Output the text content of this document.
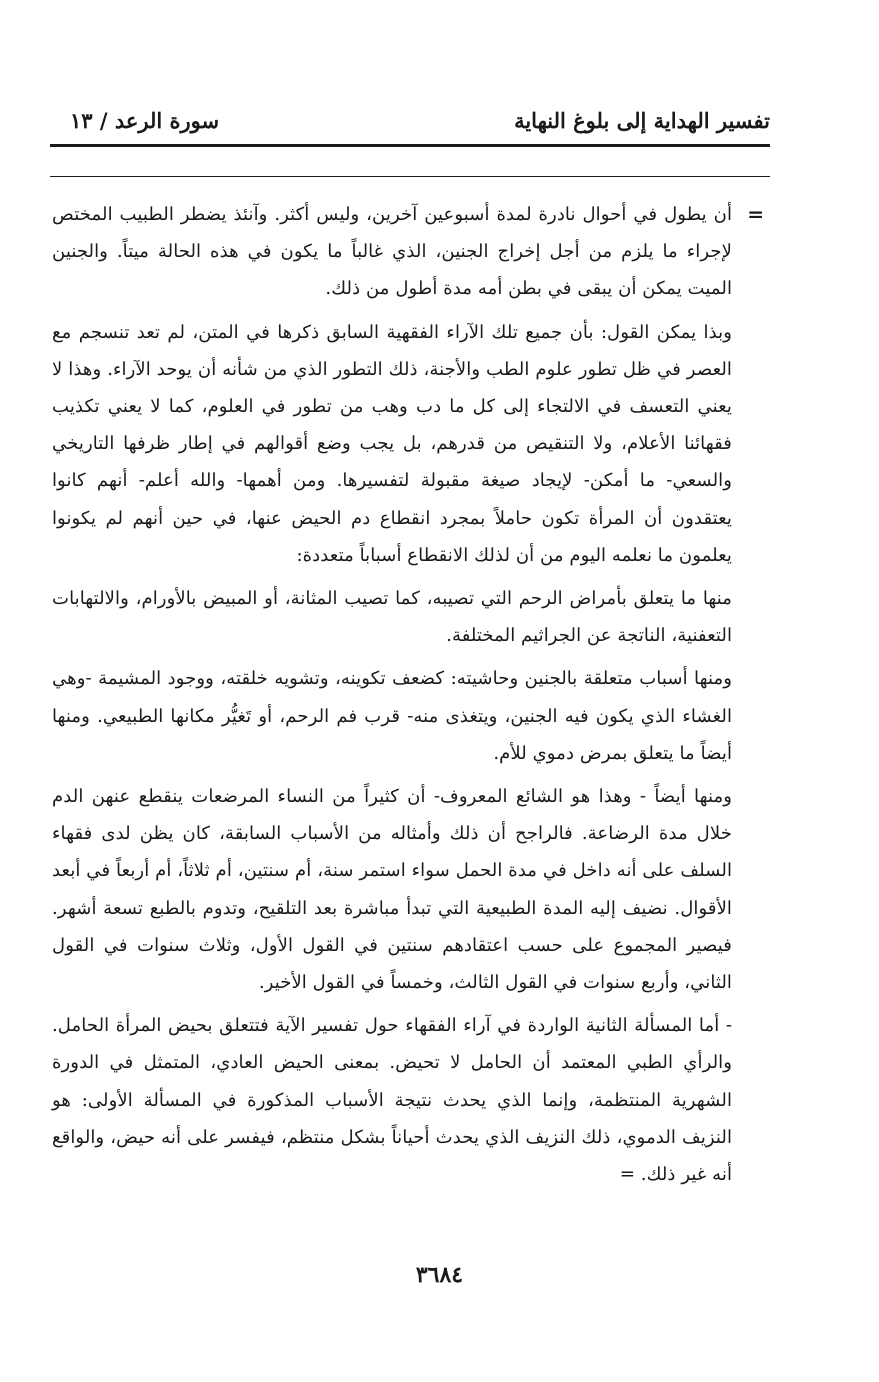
تفسير الهداية إلى بلوغ النهاية
سورة الرعد / ١٣

=
أن يطول في أحوال نادرة لمدة أسبوعين آخرين، وليس أكثر. وآنئذ يضطر الطبيب المختص لإجراء ما يلزم من أجل إخراج الجنين، الذي غالباً ما يكون في هذه الحالة ميتاً. والجنين الميت يمكن أن يبقى في بطن أمه مدة أطول من ذلك.

وبذا يمكن القول: بأن جميع تلك الآراء الفقهية السابق ذكرها في المتن، لم تعد تنسجم مع العصر في ظل تطور علوم الطب والأجنة، ذلك التطور الذي من شأنه أن يوحد الآراء. وهذا لا يعني التعسف في الالتجاء إلى كل ما دب وهب من تطور في العلوم، كما لا يعني تكذيب فقهائنا الأعلام، ولا التنقيص من قدرهم، بل يجب وضع أقوالهم في إطار ظرفها التاريخي والسعي- ما أمكن- لإيجاد صيغة مقبولة لتفسيرها. ومن أهمها- والله أعلم- أنهم كانوا يعتقدون أن المرأة تكون حاملاً بمجرد انقطاع دم الحيض عنها، في حين أنهم لم يكونوا يعلمون ما نعلمه اليوم من أن لذلك الانقطاع أسباباً متعددة:

منها ما يتعلق بأمراض الرحم التي تصيبه، كما تصيب المثانة، أو المبيض بالأورام، والالتهابات التعفنية، الناتجة عن الجراثيم المختلفة.

ومنها أسباب متعلقة بالجنين وحاشيته: كضعف تكوينه، وتشويه خلقته، ووجود المشيمة -وهي الغشاء الذي يكون فيه الجنين، ويتغذى منه- قرب فم الرحم، أو تَغيُّر مكانها الطبيعي. ومنها أيضاً ما يتعلق بمرض دموي للأم.

ومنها أيضاً - وهذا هو الشائع المعروف- أن كثيراً من النساء المرضعات ينقطع عنهن الدم خلال مدة الرضاعة. فالراجح أن ذلك وأمثاله من الأسباب السابقة، كان يظن لدى فقهاء السلف على أنه داخل في مدة الحمل سواء استمر سنة، أم سنتين، أم ثلاثاً، أم أربعاً في أبعد الأقوال. نضيف إليه المدة الطبيعية التي تبدأ مباشرة بعد التلقيح، وتدوم بالطبع تسعة أشهر. فيصير المجموع على حسب اعتقادهم سنتين في القول الأول، وثلاث سنوات في القول الثاني، وأربع سنوات في القول الثالث، وخمساً في القول الأخير.

- أما المسألة الثانية الواردة في آراء الفقهاء حول تفسير الآية فتتعلق بحيض المرأة الحامل. والرأي الطبي المعتمد أن الحامل لا تحيض. بمعنى الحيض العادي، المتمثل في الدورة الشهرية المنتظمة، وإنما الذي يحدث نتيجة الأسباب المذكورة في المسألة الأولى: هو النزيف الدموي، ذلك النزيف الذي يحدث أحياناً بشكل منتظم، فيفسر على أنه حيض، والواقع أنه غير ذلك. =

٣٦٨٤
